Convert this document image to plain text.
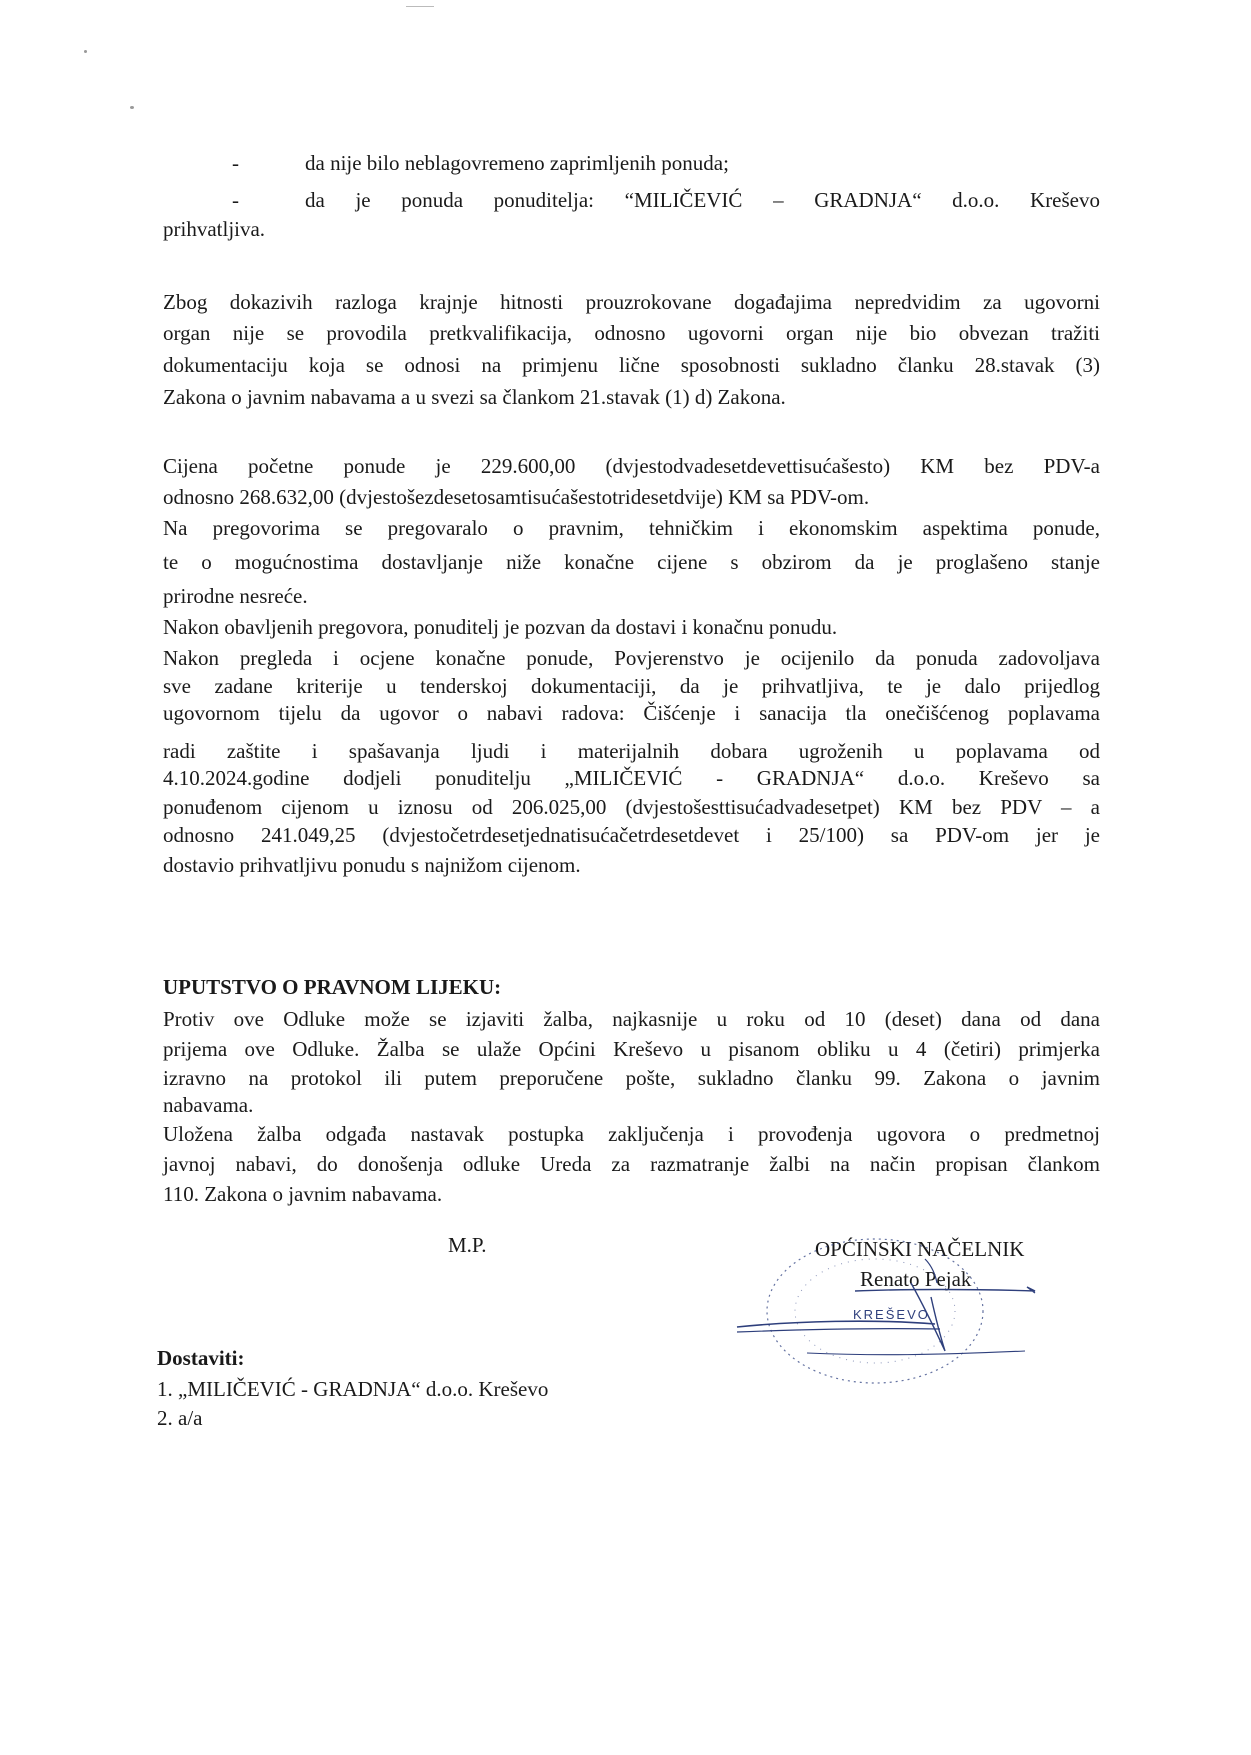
-	da nije bilo neblagovremeno zaprimljenih ponuda;
-	da je ponuda ponuditelja: “MILIČEVIĆ – GRADNJA“ d.o.o. Kreševo
prihvatljiva.
Zbog dokazivih razloga krajnje hitnosti prouzrokovane događajima nepredvidim za ugovorni
organ nije se provodila pretkvalifikacija, odnosno ugovorni organ nije bio obvezan tražiti
dokumentaciju koja se odnosi na primjenu lične sposobnosti sukladno članku 28.stavak (3)
Zakona o javnim nabavama a u svezi sa člankom 21.stavak (1) d) Zakona.
Cijena početne ponude je 229.600,00 (dvjestodvadesetdevettisućašesto) KM bez PDV-a
odnosno 268.632,00 (dvjestošezdesetosamtisućašestotridesetdvije) KM sa PDV-om.
Na pregovorima se pregovaralo o pravnim, tehničkim i ekonomskim aspektima ponude,
te o mogućnostima dostavljanje niže konačne cijene s obzirom da je proglašeno stanje
prirodne nesreće.
Nakon obavljenih pregovora, ponuditelj je pozvan da dostavi i konačnu ponudu.
Nakon pregleda i ocjene konačne ponude, Povjerenstvo je ocijenilo da ponuda zadovoljava
sve zadane kriterije u tenderskoj dokumentaciji, da je prihvatljiva, te je dalo prijedlog
ugovornom tijelu da ugovor o nabavi radova: Čišćenje i sanacija tla onečišćenog poplavama
radi zaštite i spašavanja ljudi i materijalnih dobara ugroženih u poplavama od
4.10.2024.godine dodjeli ponuditelju „MILIČEVIĆ - GRADNJA“ d.o.o. Kreševo sa
ponuđenom cijenom u iznosu od 206.025,00 (dvjestošesttisućadvadesetpet) KM bez PDV – a
odnosno 241.049,25 (dvjestočetrdesetjednatisućačetrdesetdevet i 25/100) sa PDV-om jer je
dostavio prihvatljivu ponudu s najnižom cijenom.
UPUTSTVO O PRAVNOM LIJEKU:
Protiv ove Odluke može se izjaviti žalba, najkasnije u roku od 10 (deset) dana od dana
prijema ove Odluke. Žalba se ulaže Općini Kreševo u pisanom obliku u 4 (četiri) primjerka
izravno na protokol ili putem preporučene pošte, sukladno članku 99. Zakona o javnim
nabavama.
Uložena žalba odgađa nastavak postupka zaključenja i provođenja ugovora o predmetnoj
javnoj nabavi, do donošenja odluke Ureda za razmatranje žalbi na način propisan člankom
110. Zakona o javnim nabavama.
M.P.	OPĆINSKI NAČELNIK
Renato Pejak
KREŠEVO
Dostaviti:
1. „MILIČEVIĆ - GRADNJA“ d.o.o. Kreševo
2. a/a
